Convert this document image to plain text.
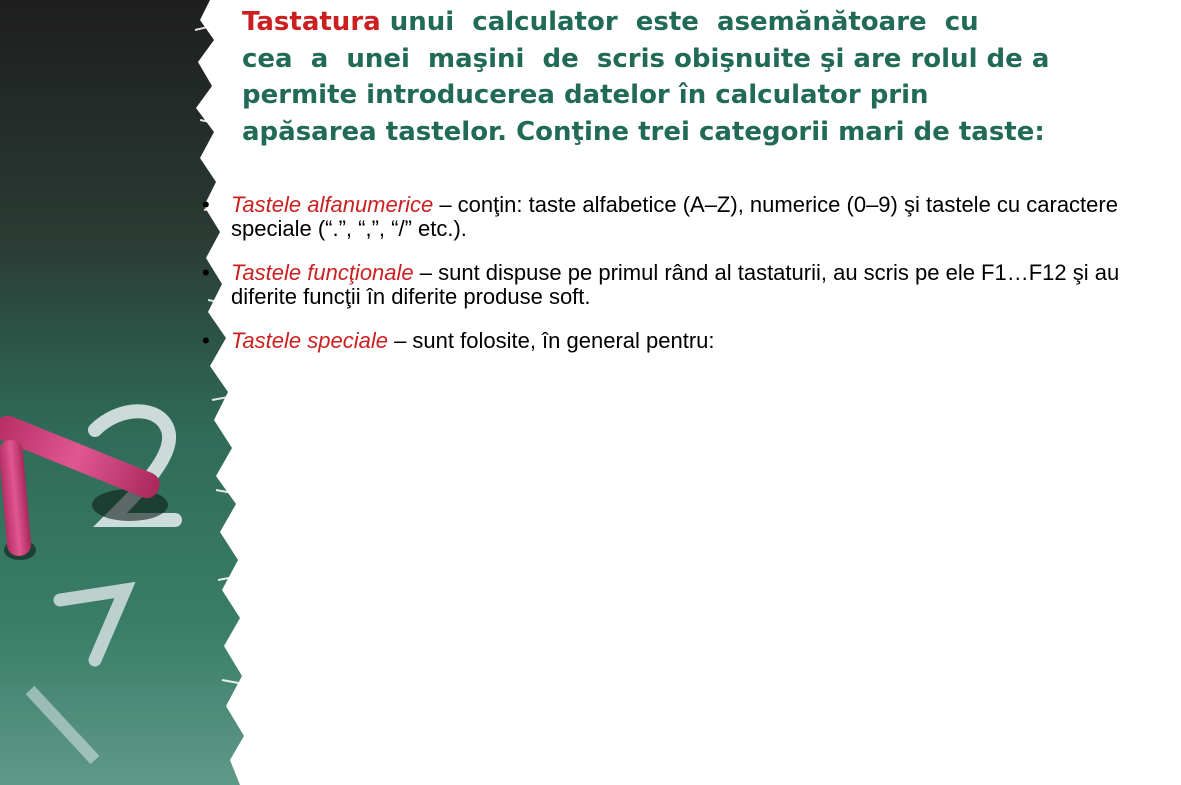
Tastatura unui  calculator  este  asemănătoare  cu
cea  a  unei  maşini  de  scris obişnuite şi are rolul de a
permite introducerea datelor în calculator prin
apăsarea tastelor. Conţine trei categorii mari de taste:

• Tastele alfanumerice – conţin: taste alfabetice (A–Z), numerice (0–9) şi tastele cu caractere speciale (“.”, “,”, “/” etc.).
• Tastele funcţionale – sunt dispuse pe primul rând al tastaturii, au scris pe ele F1…F12 şi au diferite funcţii în diferite produse soft.
• Tastele speciale – sunt folosite, în general pentru:
